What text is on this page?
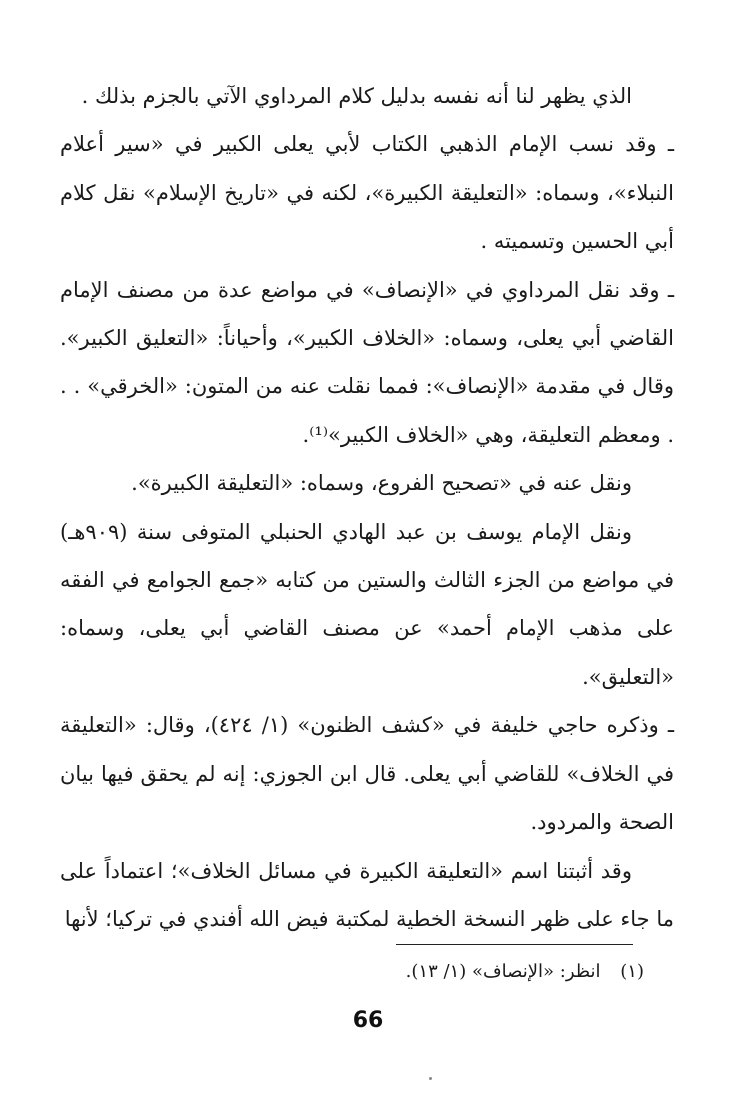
الذي يظهر لنا أنه نفسه بدليل كلام المرداوي الآتي بالجزم بذلك .

ـ وقد نسب الإمام الذهبي الكتاب لأبي يعلى الكبير في «سير أعلام النبلاء»، وسماه: «التعليقة الكبيرة»، لكنه في «تاريخ الإسلام» نقل كلام أبي الحسين وتسميته .

ـ وقد نقل المرداوي في «الإنصاف» في مواضع عدة من مصنف الإمام القاضي أبي يعلى، وسماه: «الخلاف الكبير»، وأحياناً: «التعليق الكبير». وقال في مقدمة «الإنصاف»: فمما نقلت عنه من المتون: «الخرقي» . . . ومعظم التعليقة، وهي «الخلاف الكبير»⁽¹⁾.

ونقل عنه في «تصحيح الفروع، وسماه: «التعليقة الكبيرة».

ونقل الإمام يوسف بن عبد الهادي الحنبلي المتوفى سنة (٩٠٩هـ) في مواضع من الجزء الثالث والستين من كتابه «جمع الجوامع في الفقه على مذهب الإمام أحمد» عن مصنف القاضي أبي يعلى، وسماه: «التعليق».

ـ وذكره حاجي خليفة في «كشف الظنون» (١/ ٤٢٤)، وقال: «التعليقة في الخلاف» للقاضي أبي يعلى. قال ابن الجوزي: إنه لم يحقق فيها بيان الصحة والمردود.

وقد أثبتنا اسم «التعليقة الكبيرة في مسائل الخلاف»؛ اعتماداً على ما جاء على ظهر النسخة الخطية لمكتبة فيض الله أفندي في تركيا؛ لأنها

(١) انظر: «الإنصاف» (١/ ١٣).
66
